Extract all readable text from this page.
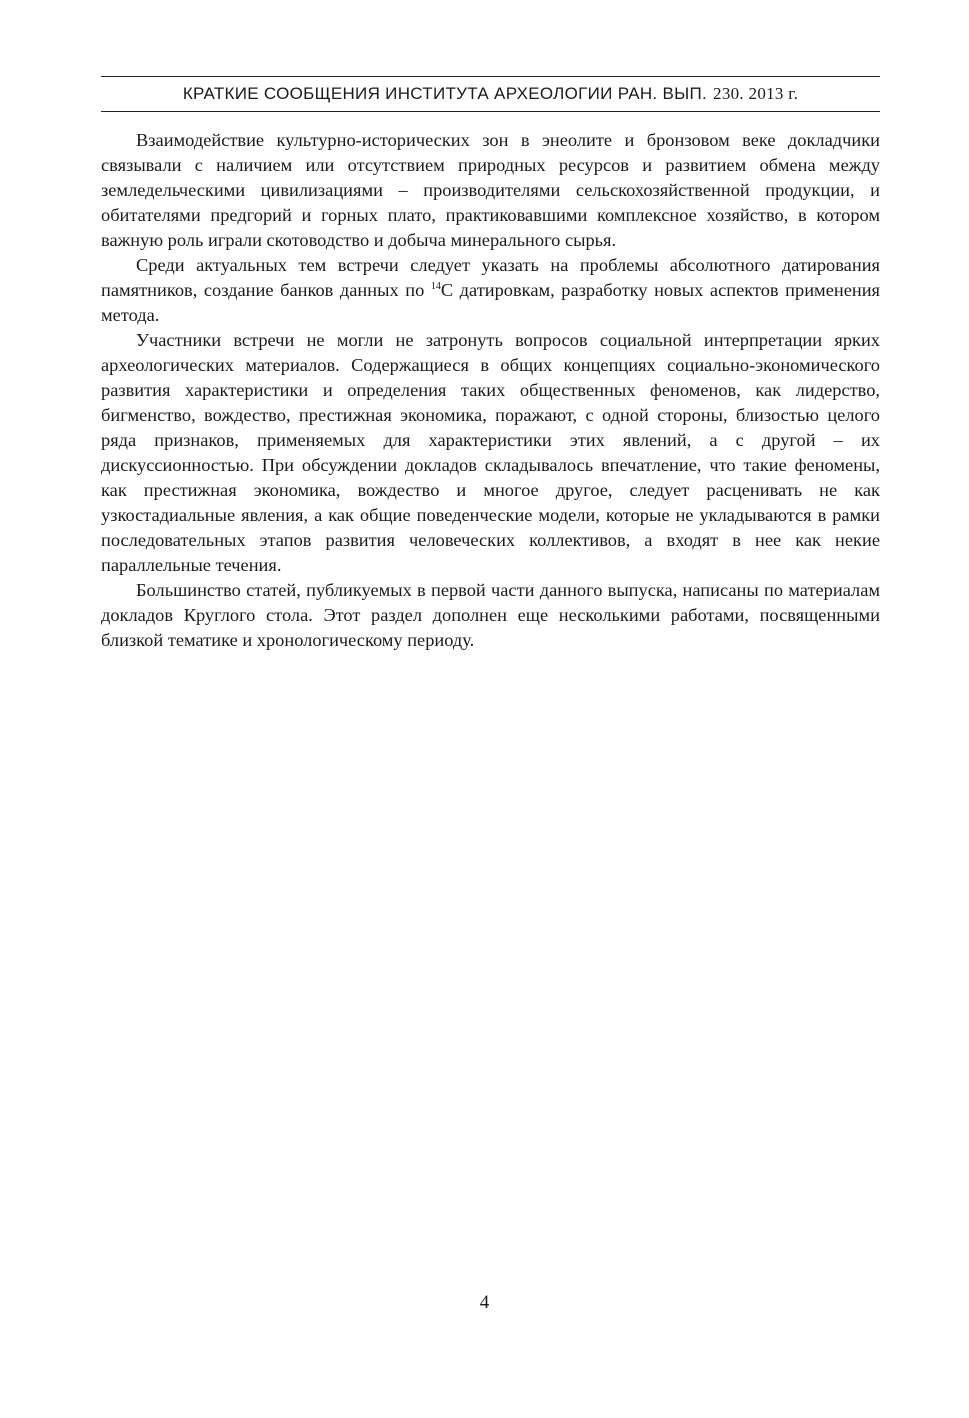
КРАТКИЕ СООБЩЕНИЯ ИНСТИТУТА АРХЕОЛОГИИ РАН. ВЫП. 230. 2013 г.

Взаимодействие культурно-исторических зон в энеолите и бронзовом веке докладчики связывали с наличием или отсутствием природных ресурсов и развитием обмена между земледельческими цивилизациями – производителями сельскохозяйственной продукции, и обитателями предгорий и горных плато, практиковавшими комплексное хозяйство, в котором важную роль играли скотоводство и добыча минерального сырья.

Среди актуальных тем встречи следует указать на проблемы абсолютного датирования памятников, создание банков данных по $^{14}$С датировкам, разработку новых аспектов применения метода.

Участники встречи не могли не затронуть вопросов социальной интерпретации ярких археологических материалов. Содержащиеся в общих концепциях социально-экономического развития характеристики и определения таких общественных феноменов, как лидерство, бигменство, вождество, престижная экономика, поражают, с одной стороны, близостью целого ряда признаков, применяемых для характеристики этих явлений, а с другой – их дискуссионностью. При обсуждении докладов складывалось впечатление, что такие феномены, как престижная экономика, вождество и многое другое, следует расценивать не как узкостадиальные явления, а как общие поведенческие модели, которые не укладываются в рамки последовательных этапов развития человеческих коллективов, а входят в нее как некие параллельные течения.

Большинство статей, публикуемых в первой части данного выпуска, написаны по материалам докладов Круглого стола. Этот раздел дополнен еще несколькими работами, посвященными близкой тематике и хронологическому периоду.

4
